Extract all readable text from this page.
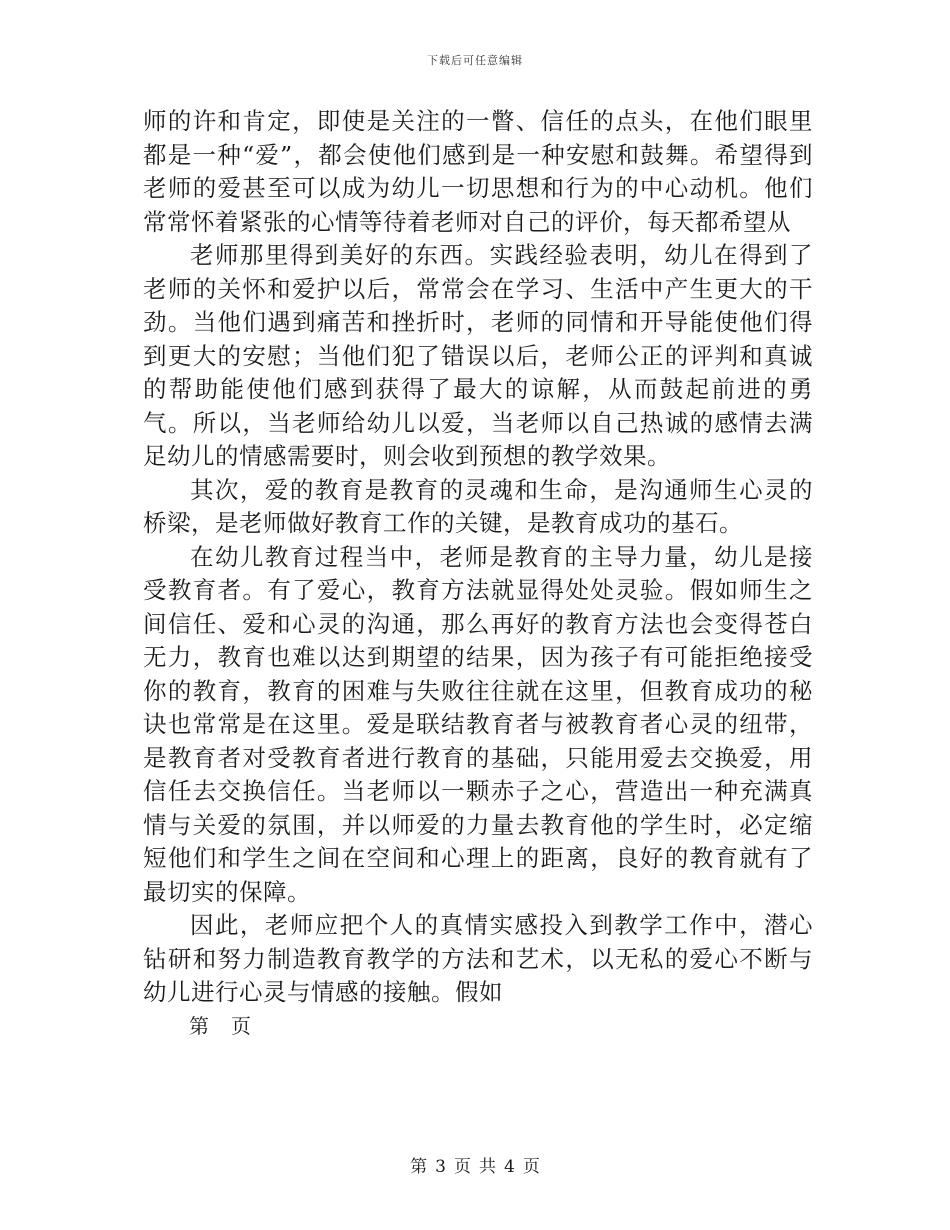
下载后可任意编辑

师的许和肯定，即使是关注的一瞥、信任的点头，在他们眼里都是一种“爱”，都会使他们感到是一种安慰和鼓舞。希望得到老师的爱甚至可以成为幼儿一切思想和行为的中心动机。他们常常怀着紧张的心情等待着老师对自己的评价，每天都希望从

老师那里得到美好的东西。实践经验表明，幼儿在得到了老师的关怀和爱护以后，常常会在学习、生活中产生更大的干劲。当他们遇到痛苦和挫折时，老师的同情和开导能使他们得到更大的安慰；当他们犯了错误以后，老师公正的评判和真诚的帮助能使他们感到获得了最大的谅解，从而鼓起前进的勇气。所以，当老师给幼儿以爱，当老师以自己热诚的感情去满足幼儿的情感需要时，则会收到预想的教学效果。

其次，爱的教育是教育的灵魂和生命，是沟通师生心灵的桥梁，是老师做好教育工作的关键，是教育成功的基石。

在幼儿教育过程当中，老师是教育的主导力量，幼儿是接受教育者。有了爱心，教育方法就显得处处灵验。假如师生之间信任、爱和心灵的沟通，那么再好的教育方法也会变得苍白无力，教育也难以达到期望的结果，因为孩子有可能拒绝接受你的教育，教育的困难与失败往往就在这里，但教育成功的秘诀也常常是在这里。爱是联结教育者与被教育者心灵的纽带，是教育者对受教育者进行教育的基础，只能用爱去交换爱，用信任去交换信任。当老师以一颗赤子之心，营造出一种充满真情与关爱的氛围，并以师爱的力量去教育他的学生时，必定缩短他们和学生之间在空间和心理上的距离，良好的教育就有了最切实的保障。

因此，老师应把个人的真情实感投入到教学工作中，潜心钻研和努力制造教育教学的方法和艺术，以无私的爱心不断与幼儿进行心灵与情感的接触。假如

第 页

第 3 页 共 4 页
